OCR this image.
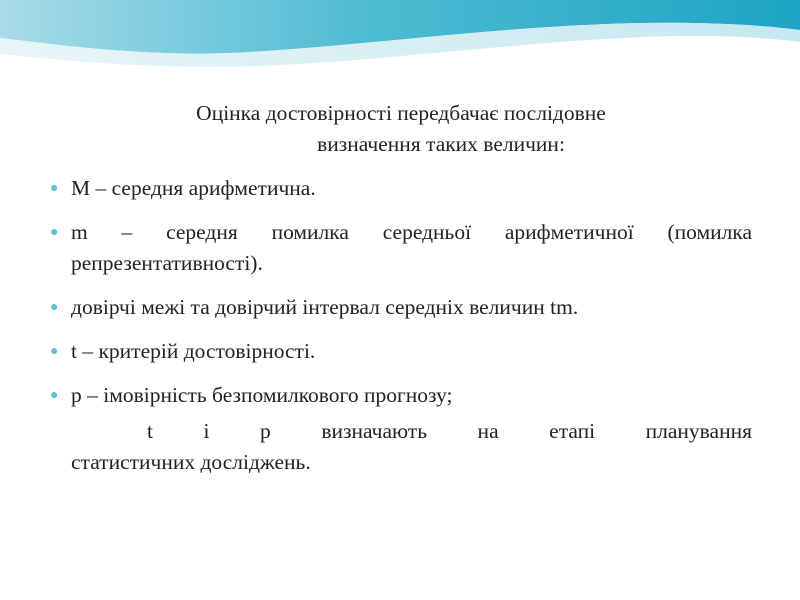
Оцінка достовірності передбачає послідовне
визначення таких величин:

● M – середня арифметична.
● m – середня помилка середньої арифметичної (помилка репрезентативності).
● довірчі межі та довірчий інтервал середніх величин tm.
● t – критерій достовірності.
● р – імовірність безпомилкового прогнозу;
t і р визначають на етапі планування
статистичних досліджень.
